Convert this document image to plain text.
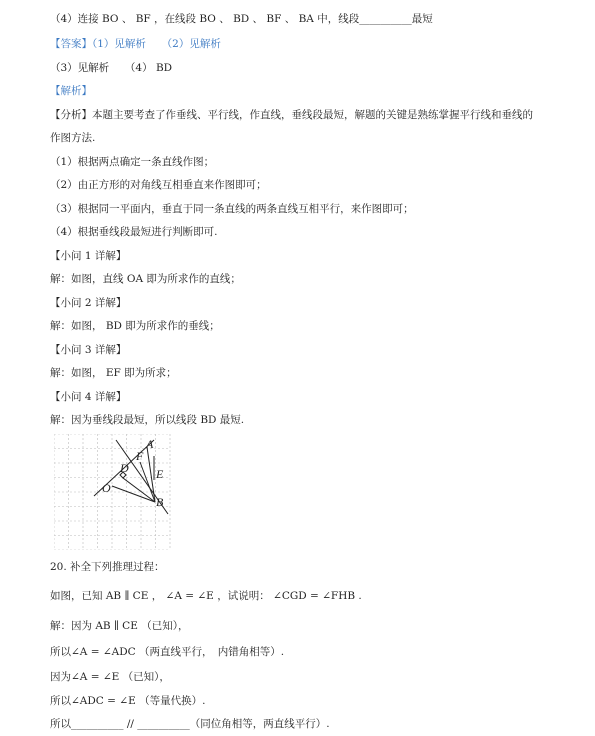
（4）连接 BO 、 BF ，在线段 BO 、 BD 、 BF 、 BA 中，线段__________最短
【答案】（1）见解析　　（2）见解析
（3）见解析　　（4） BD
【解析】
【分析】本题主要考查了作垂线、平行线，作直线，垂线段最短，解题的关键是熟练掌握平行线和垂线的
作图方法.
（1）根据两点确定一条直线作图；
（2）由正方形的对角线互相垂直来作图即可；
（3）根据同一平面内，垂直于同一条直线的两条直线互相平行，来作图即可；
（4）根据垂线段最短进行判断即可.
【小问 1 详解】
解：如图，直线 OA 即为所求作的直线；
【小问 2 详解】
解：如图， BD 即为所求作的垂线；
【小问 3 详解】
解：如图， EF 即为所求；
【小问 4 详解】
解：因为垂线段最短，所以线段 BD 最短.
A
F
D E
O
B
20. 补全下列推理过程：
如图，已知 AB ∥ CE ， ∠A = ∠E ，试说明： ∠CGD = ∠FHB .
解：因为 AB ∥ CE （已知），
所以∠A = ∠ADC （两直线平行，　内错角相等）.
因为∠A = ∠E （已知），
所以∠ADC = ∠E （等量代换）.
所以__________ // __________（同位角相等，两直线平行）.
